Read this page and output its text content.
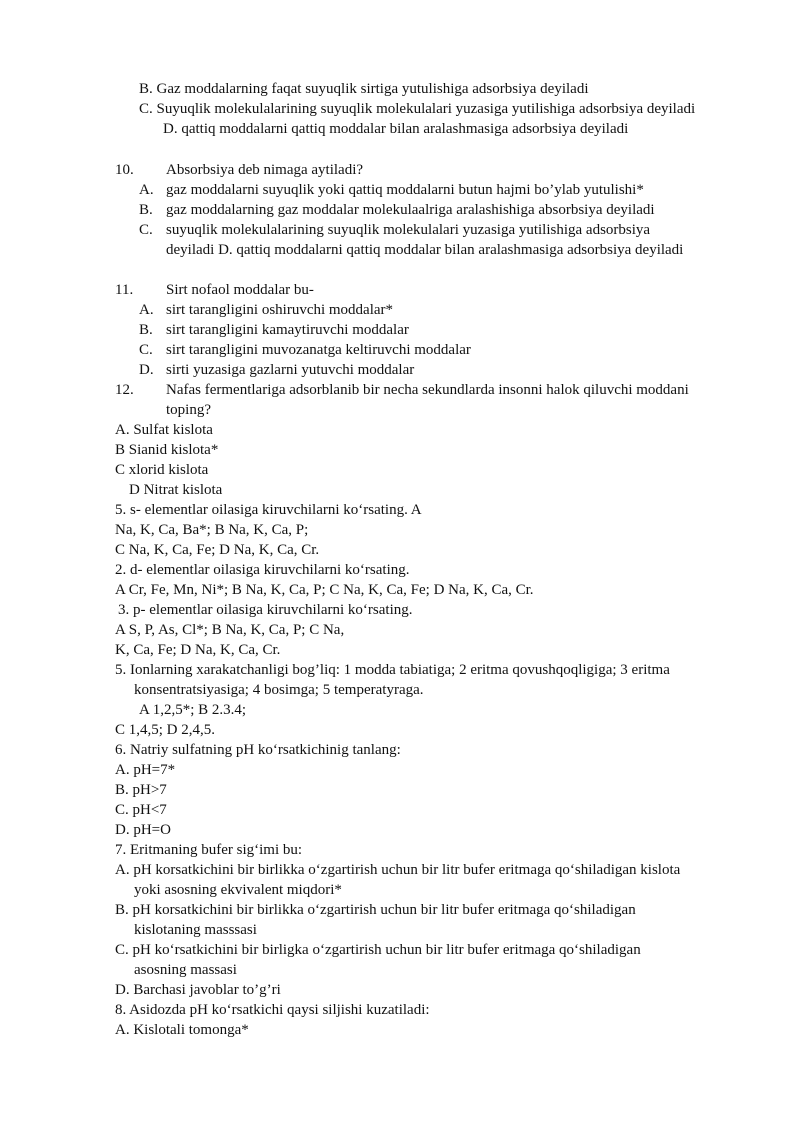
B. Gaz moddalarning faqat suyuqlik sirtiga yutulishiga adsorbsiya deyiladi
C. Suyuqlik molekulalarining suyuqlik molekulalari yuzasiga yutilishiga adsorbsiya deyiladi
D. qattiq moddalarni qattiq moddalar bilan aralashmasiga adsorbsiya deyiladi
10. Absorbsiya deb nimaga aytiladi?
A. gaz moddalarni suyuqlik yoki qattiq moddalarni butun hajmi bo’ylab yutulishi*
B. gaz moddalarning gaz moddalar molekulaalriga aralashishiga absorbsiya deyiladi
C. suyuqlik molekulalarining suyuqlik molekulalari yuzasiga yutilishiga adsorbsiya
deyiladi D. qattiq moddalarni qattiq moddalar bilan aralashmasiga adsorbsiya deyiladi
11. Sirt nofaol moddalar bu-
A. sirt tarangligini oshiruvchi moddalar*
B. sirt tarangligini kamaytiruvchi moddalar
C. sirt tarangligini muvozanatga keltiruvchi moddalar
D. sirti yuzasiga gazlarni yutuvchi moddalar
12. Nafas fermentlariga adsorblanib bir necha sekundlarda insonni halok qiluvchi moddani
toping?
A. Sulfat kislota
B Sianid kislota*
C xlorid kislota
D Nitrat kislota
5. s- elementlar oilasiga kiruvchilarni ko‘rsating. A
Na, K, Ca, Ba*; B Na, K, Ca, P;
C Na, K, Ca, Fe; D Na, K, Ca, Cr.
2. d- elementlar oilasiga kiruvchilarni ko‘rsating.
A Cr, Fe, Mn, Ni*; B Na, K, Ca, P; C Na, K, Ca, Fe; D Na, K, Ca, Cr.
3. p- elementlar oilasiga kiruvchilarni ko‘rsating.
A S, P, As, Cl*; B Na, K, Ca, P; C Na,
K, Ca, Fe; D Na, K, Ca, Cr.
5. Ionlarning xarakatchanligi bog’liq: 1 modda tabiatiga; 2 eritma qovushqoqligiga; 3 eritma
konsentratsiyasiga; 4 bosimga; 5 temperatyraga.
A 1,2,5*; B 2.3.4;
C 1,4,5; D 2,4,5.
6. Natriy sulfatning pH ko‘rsatkichinig tanlang:
A. pH=7*
B. pH>7
C. pH<7
D. pH=O
7. Eritmaning bufer sig‘imi bu:
A. pH korsatkichini bir birlikka o‘zgartirish uchun bir litr bufer eritmaga qo‘shiladigan kislota
yoki asosning ekvivalent miqdori*
B. pH korsatkichini bir birlikka o‘zgartirish uchun bir litr bufer eritmaga qo‘shiladigan
kislotaning masssasi
C. pH ko‘rsatkichini bir birligka o‘zgartirish uchun bir litr bufer eritmaga qo‘shiladigan
asosning massasi
D. Barchasi javoblar to’g’ri
8. Asidozda pH ko‘rsatkichi qaysi siljishi kuzatiladi:
A. Kislotali tomonga*
